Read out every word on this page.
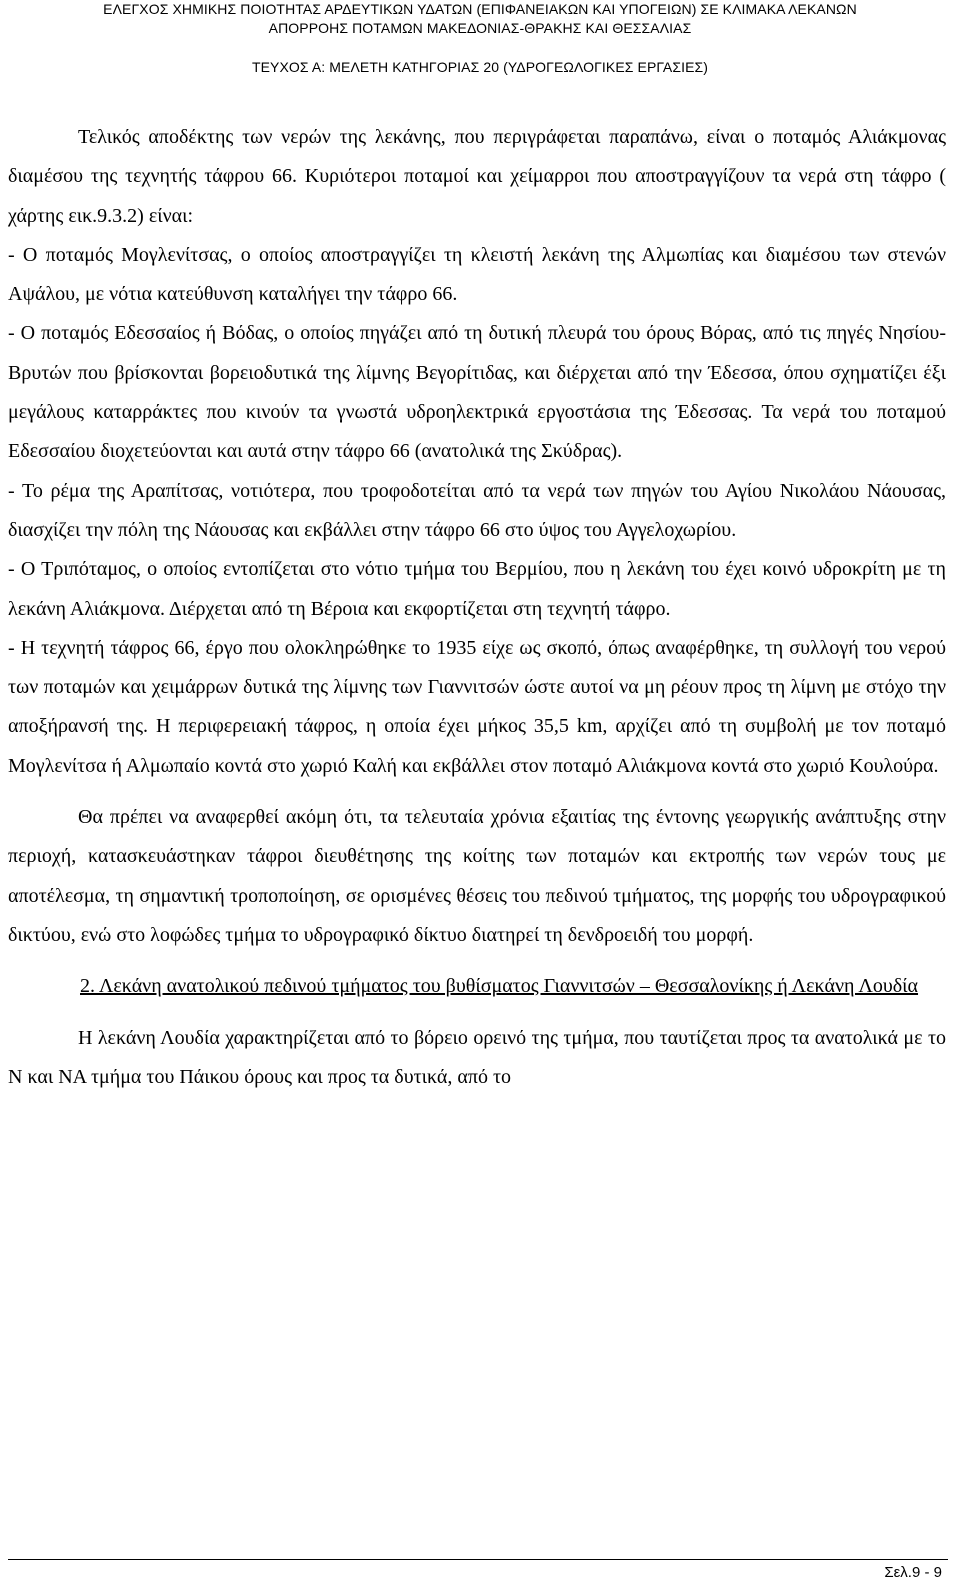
ΕΛΕΓΧΟΣ ΧΗΜΙΚΗΣ ΠΟΙΟΤΗΤΑΣ ΑΡΔΕΥΤΙΚΩΝ ΥΔΑΤΩΝ (ΕΠΙΦΑΝΕΙΑΚΩΝ ΚΑΙ ΥΠΟΓΕΙΩΝ) ΣΕ ΚΛΙΜΑΚΑ ΛΕΚΑΝΩΝ
ΑΠΟΡΡΟΗΣ ΠΟΤΑΜΩΝ ΜΑΚΕΔΟΝΙΑΣ-ΘΡΑΚΗΣ ΚΑΙ ΘΕΣΣΑΛΙΑΣ
ΤΕΥΧΟΣ Α: ΜΕΛΕΤΗ ΚΑΤΗΓΟΡΙΑΣ 20 (ΥΔΡΟΓΕΩΛΟΓΙΚΕΣ ΕΡΓΑΣΙΕΣ)

Τελικός αποδέκτης των νερών της λεκάνης, που περιγράφεται παραπάνω, είναι ο ποταμός Αλιάκμονας διαμέσου της τεχνητής τάφρου 66. Κυριότεροι ποταμοί και χείμαρροι που αποστραγγίζουν τα νερά στη τάφρο ( χάρτης εικ.9.3.2) είναι:

- Ο ποταμός Μογλενίτσας, ο οποίος αποστραγγίζει τη κλειστή λεκάνη της Αλμωπίας και διαμέσου των στενών Αψάλου, με νότια κατεύθυνση καταλήγει την τάφρο 66.

- Ο ποταμός Εδεσσαίος ή Βόδας, ο οποίος πηγάζει από τη δυτική πλευρά του όρους Βόρας, από τις πηγές Νησίου-Βρυτών που βρίσκονται βορειοδυτικά της λίμνης Βεγορίτιδας, και διέρχεται από την Έδεσσα, όπου σχηματίζει έξι μεγάλους καταρράκτες που κινούν τα γνωστά υδροηλεκτρικά εργοστάσια της Έδεσσας. Τα νερά του ποταμού Εδεσσαίου διοχετεύονται και αυτά στην τάφρο 66 (ανατολικά της Σκύδρας).

- Το ρέμα της Αραπίτσας, νοτιότερα, που τροφοδοτείται από τα νερά των πηγών του Αγίου Νικολάου Νάουσας, διασχίζει την πόλη της Νάουσας και εκβάλλει στην τάφρο 66 στο ύψος του Αγγελοχωρίου.

- Ο Τριπόταμος, ο οποίος εντοπίζεται στο νότιο τμήμα του Βερμίου, που η λεκάνη του έχει κοινό υδροκρίτη με τη λεκάνη Αλιάκμονα. Διέρχεται από τη Βέροια και εκφορτίζεται στη τεχνητή τάφρο.

- Η τεχνητή τάφρος 66, έργο που ολοκληρώθηκε το 1935 είχε ως σκοπό, όπως αναφέρθηκε, τη συλλογή του νερού των ποταμών και χειμάρρων δυτικά της λίμνης των Γιαννιτσών ώστε αυτοί να μη ρέουν προς τη λίμνη με στόχο την αποξήρανσή της. Η περιφερειακή τάφρος, η οποία έχει μήκος 35,5 km, αρχίζει από τη συμβολή με τον ποταμό Μογλενίτσα ή Αλμωπαίο κοντά στο χωριό Καλή και εκβάλλει στον ποταμό Αλιάκμονα κοντά στο χωριό Κουλούρα.

Θα πρέπει να αναφερθεί ακόμη ότι, τα τελευταία χρόνια εξαιτίας της έντονης γεωργικής ανάπτυξης στην περιοχή, κατασκευάστηκαν τάφροι διευθέτησης της κοίτης των ποταμών και εκτροπής των νερών τους με αποτέλεσμα, τη σημαντική τροποποίηση, σε ορισμένες θέσεις του πεδινού τμήματος, της μορφής του υδρογραφικού δικτύου, ενώ στο λοφώδες τμήμα το υδρογραφικό δίκτυο διατηρεί τη δενδροειδή του μορφή.

2. Λεκάνη ανατολικού πεδινού τμήματος του βυθίσματος Γιαννιτσών – Θεσσαλονίκης ή Λεκάνη Λουδία

Η λεκάνη Λουδία χαρακτηρίζεται από το βόρειο ορεινό της τμήμα, που ταυτίζεται προς τα ανατολικά με το Ν και ΝΑ τμήμα του Πάικου όρους και προς τα δυτικά, από το

Σελ.9 - 9
